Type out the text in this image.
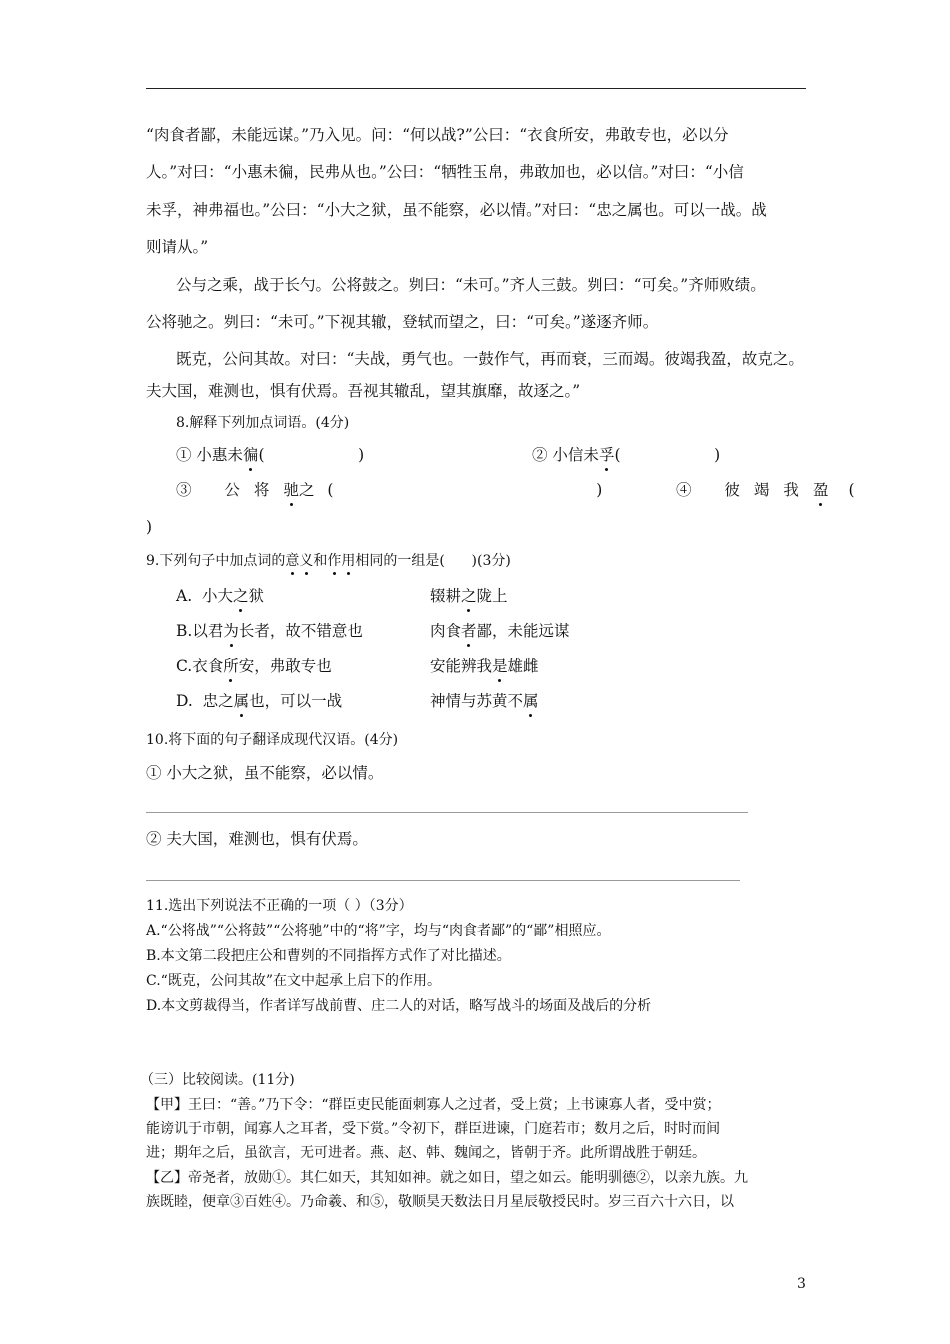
“肉食者鄙，未能远谋。”乃入见。问：“何以战?”公曰：“衣食所安，弗敢专也，必以分
人。”对曰：“小惠未徧，民弗从也。”公曰：“牺牲玉帛，弗敢加也，必以信。”对曰：“小信
未孚，神弗福也。”公曰：“小大之狱，虽不能察，必以情。”对曰：“忠之属也。可以一战。战
则请从。”
公与之乘，战于长勺。公将鼓之。刿曰：“未可。”齐人三鼓。刿曰：“可矣。”齐师败绩。
公将驰之。刿曰：“未可。”下视其辙，登轼而望之，曰：“可矣。”遂逐齐师。
既克，公问其故。对曰：“夫战，勇气也。一鼓作气，再而衰，三而竭。彼竭我盈，故克之。
夫大国，难测也，惧有伏焉。吾视其辙乱，望其旗靡，故逐之。”
8.解释下列加点词语。(4分)
① 小惠未徧(                   )	② 小信未孚(                   )
③ 公将驰之 (                             )	④ 彼竭我盈 (
)
9.下列句子中加点词的意义和作用相同的一组是(      )(3分)
A.  小大之狱	辍耕之陇上
B.以君为长者，故不错意也	肉食者鄙，未能远谋
C.衣食所安，弗敢专也	安能辨我是雄雌
D.  忠之属也，可以一战	神情与苏黄不属
10.将下面的句子翻译成现代汉语。(4分)
① 小大之狱，虽不能察，必以情。
② 夫大国，难测也，惧有伏焉。
11.选出下列说法不正确的一项（ ）（3分）
A.“公将战”“公将鼓”“公将驰”中的“将”字，均与“肉食者鄙”的“鄙”相照应。
B.本文第二段把庄公和曹刿的不同指挥方式作了对比描述。
C.“既克，公问其故”在文中起承上启下的作用。
D.本文剪裁得当，作者详写战前曹、庄二人的对话，略写战斗的场面及战后的分析
（三）比较阅读。(11分)
【甲】王曰：“善。”乃下令：“群臣吏民能面刺寡人之过者，受上赏；上书谏寡人者，受中赏；
能谤讥于市朝，闻寡人之耳者，受下赏。”令初下，群臣进谏，门庭若市；数月之后，时时而间
进；期年之后，虽欲言，无可进者。燕、赵、韩、魏闻之，皆朝于齐。此所谓战胜于朝廷。
【乙】帝尧者，放勋①。其仁如天，其知如神。就之如日，望之如云。能明驯德②，以亲九族。九
族既睦，便章③百姓④。乃命羲、和⑤，敬顺昊天数法日月星辰敬授民时。岁三百六十六日，以
3
